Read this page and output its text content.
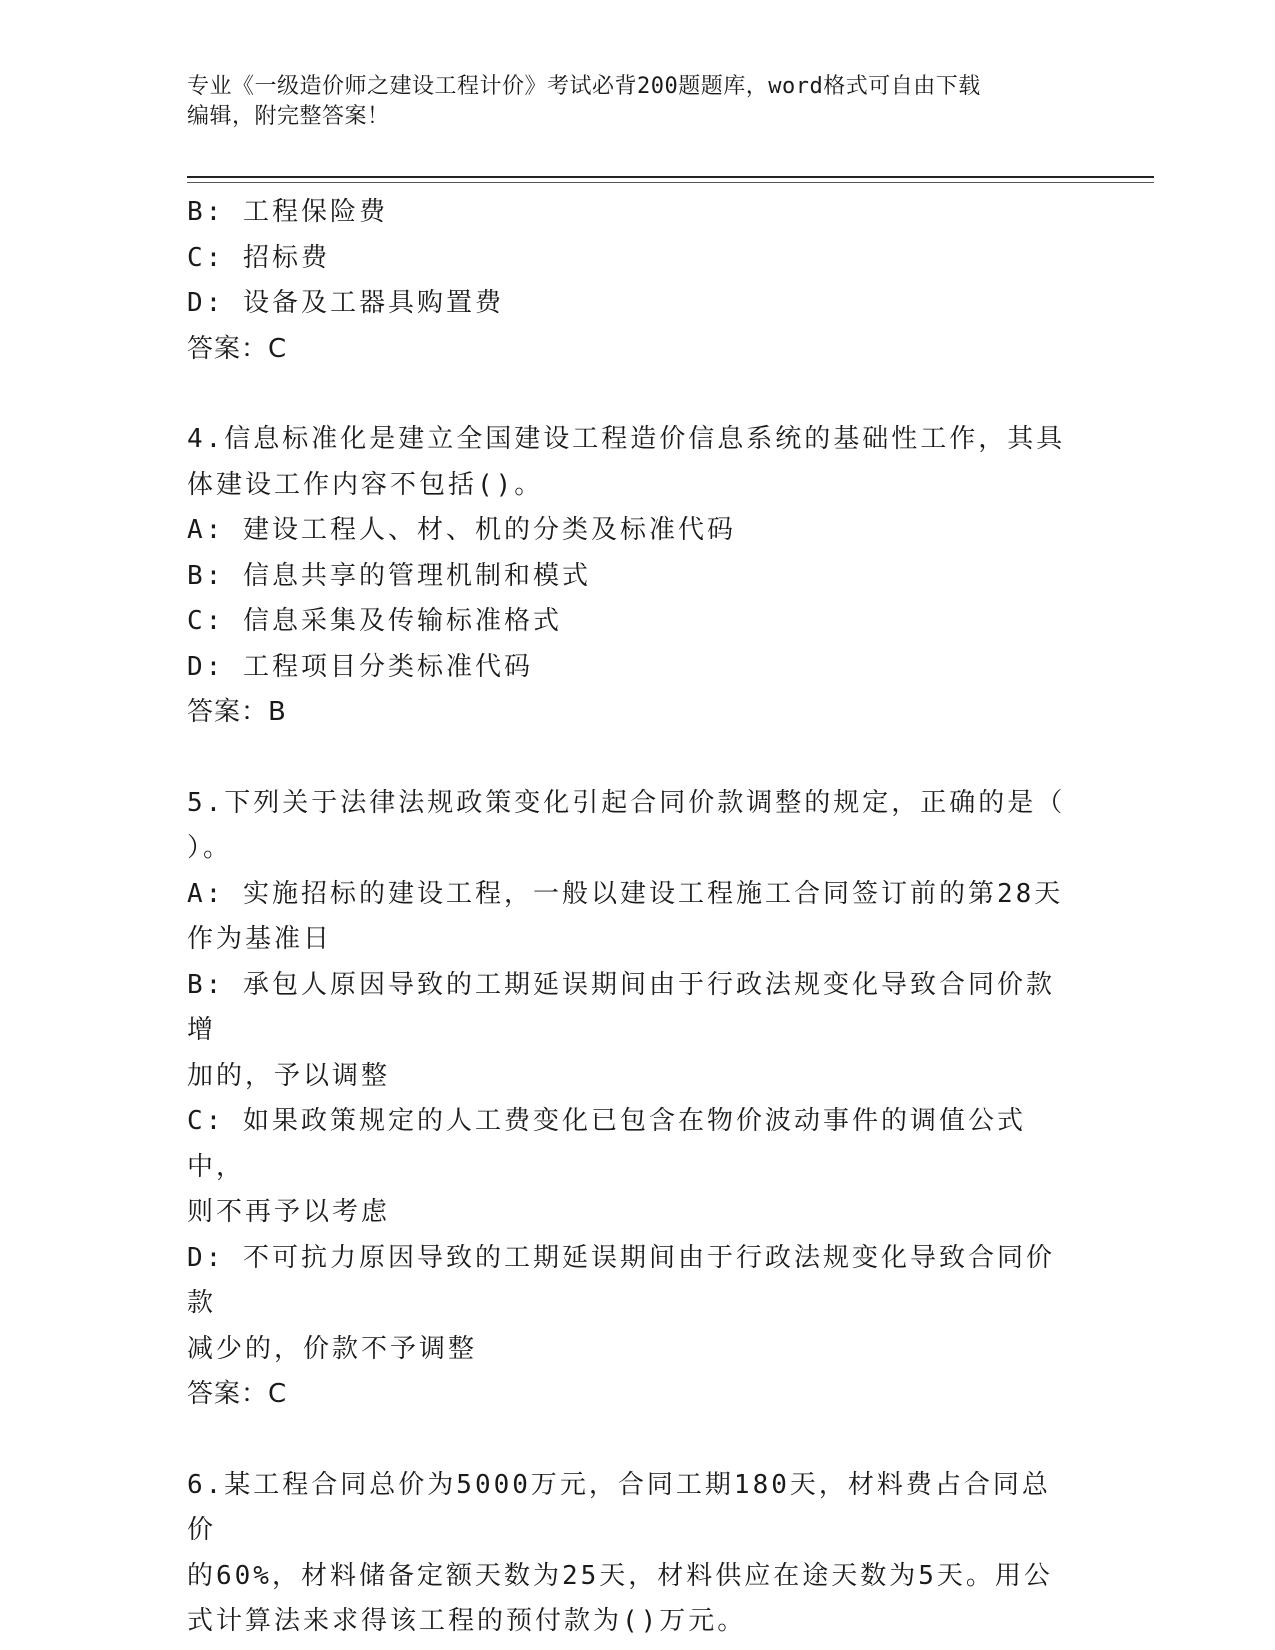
专业《一级造价师之建设工程计价》考试必背200题题库，word格式可自由下载
编辑，附完整答案！
B: 工程保险费
C: 招标费
D: 设备及工器具购置费
答案：C
4.信息标准化是建立全国建设工程造价信息系统的基础性工作，其具
体建设工作内容不包括()。
A: 建设工程人、材、机的分类及标准代码
B: 信息共享的管理机制和模式
C: 信息采集及传输标准格式
D: 工程项目分类标准代码
答案：B
5.下列关于法律法规政策变化引起合同价款调整的规定，正确的是（
）。
A: 实施招标的建设工程，一般以建设工程施工合同签订前的第28天
作为基准日
B: 承包人原因导致的工期延误期间由于行政法规变化导致合同价款增
加的，予以调整
C: 如果政策规定的人工费变化已包含在物价波动事件的调值公式中，
则不再予以考虑
D: 不可抗力原因导致的工期延误期间由于行政法规变化导致合同价款
减少的，价款不予调整
答案：C
6.某工程合同总价为5000万元，合同工期180天，材料费占合同总价
的60%，材料储备定额天数为25天，材料供应在途天数为5天。用公
式计算法来求得该工程的预付款为()万元。
